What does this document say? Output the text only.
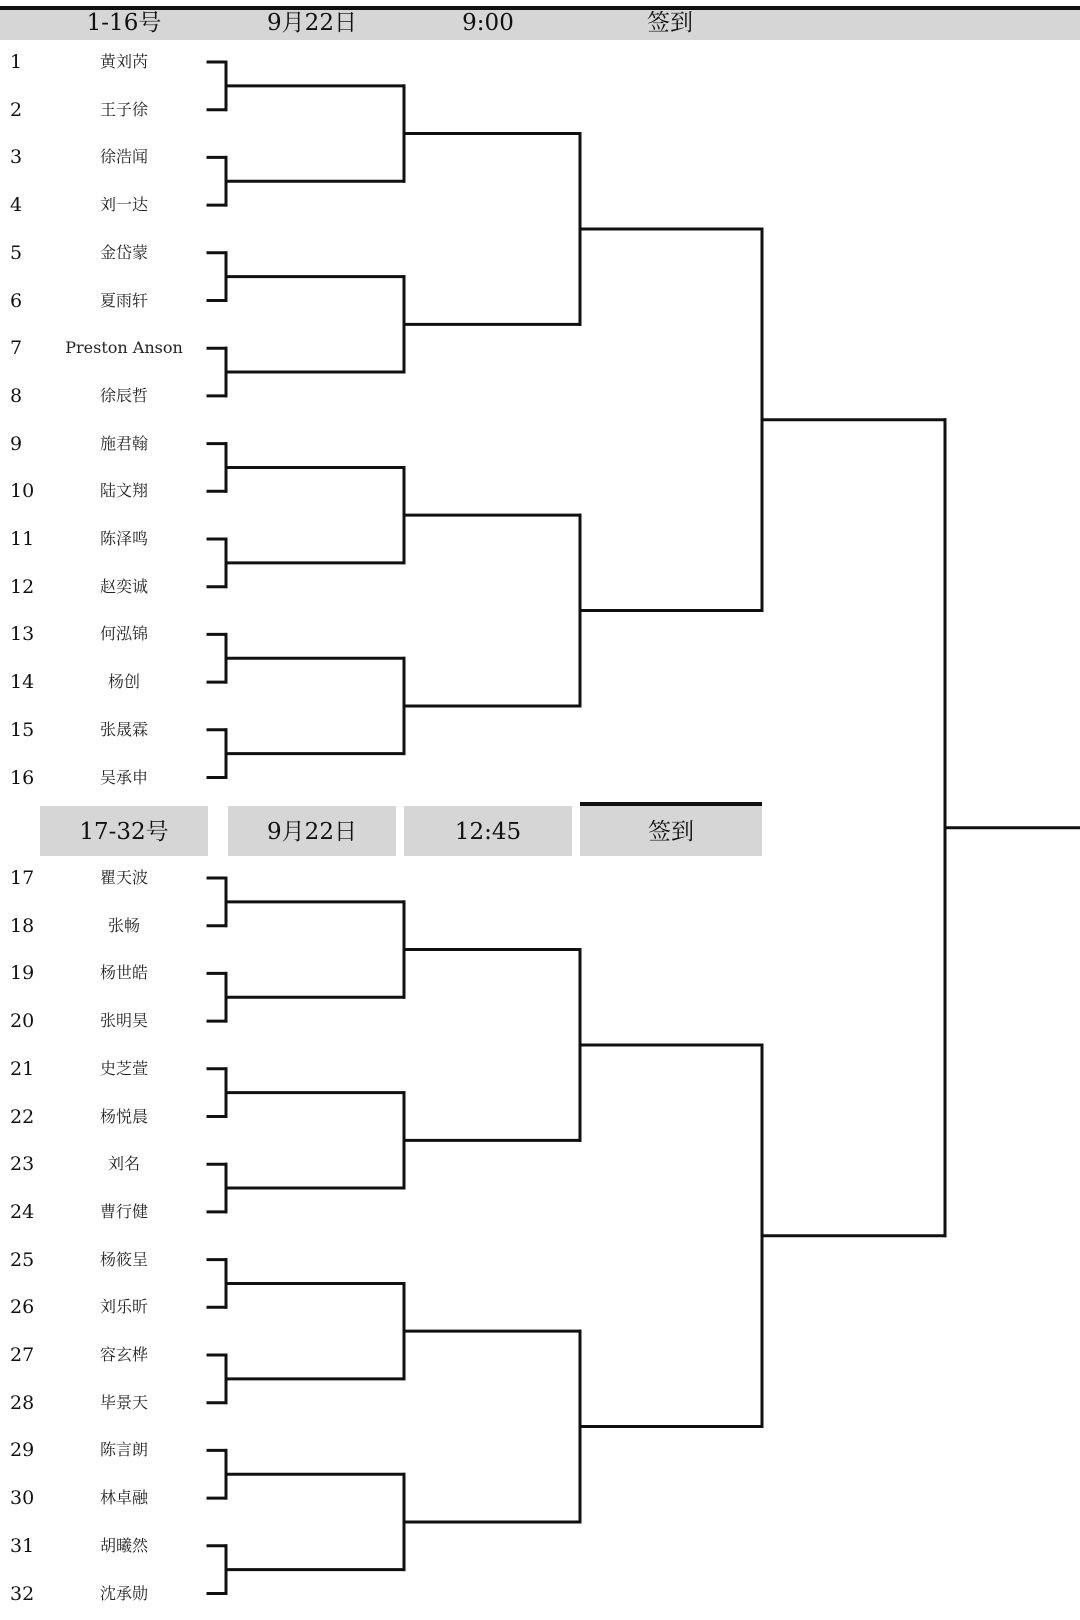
1-16号	9月22日	9:00	签到
17-32号	9月22日	12:45	签到
1	黄刘芮
2	王子徐
3	徐浩闻
4	刘一达
5	金岱蒙
6	夏雨轩
7	Preston Anson
8	徐辰哲
9	施君翰
10	陆文翔
11	陈泽鸣
12	赵奕诚
13	何泓锦
14	杨创
15	张晟霖
16	吴承申
17	瞿天波
18	张畅
19	杨世皓
20	张明昊
21	史芝萱
22	杨悦晨
23	刘名
24	曹行健
25	杨筱呈
26	刘乐昕
27	容玄桦
28	毕景天
29	陈言朗
30	林卓融
31	胡曦然
32	沈承勋
